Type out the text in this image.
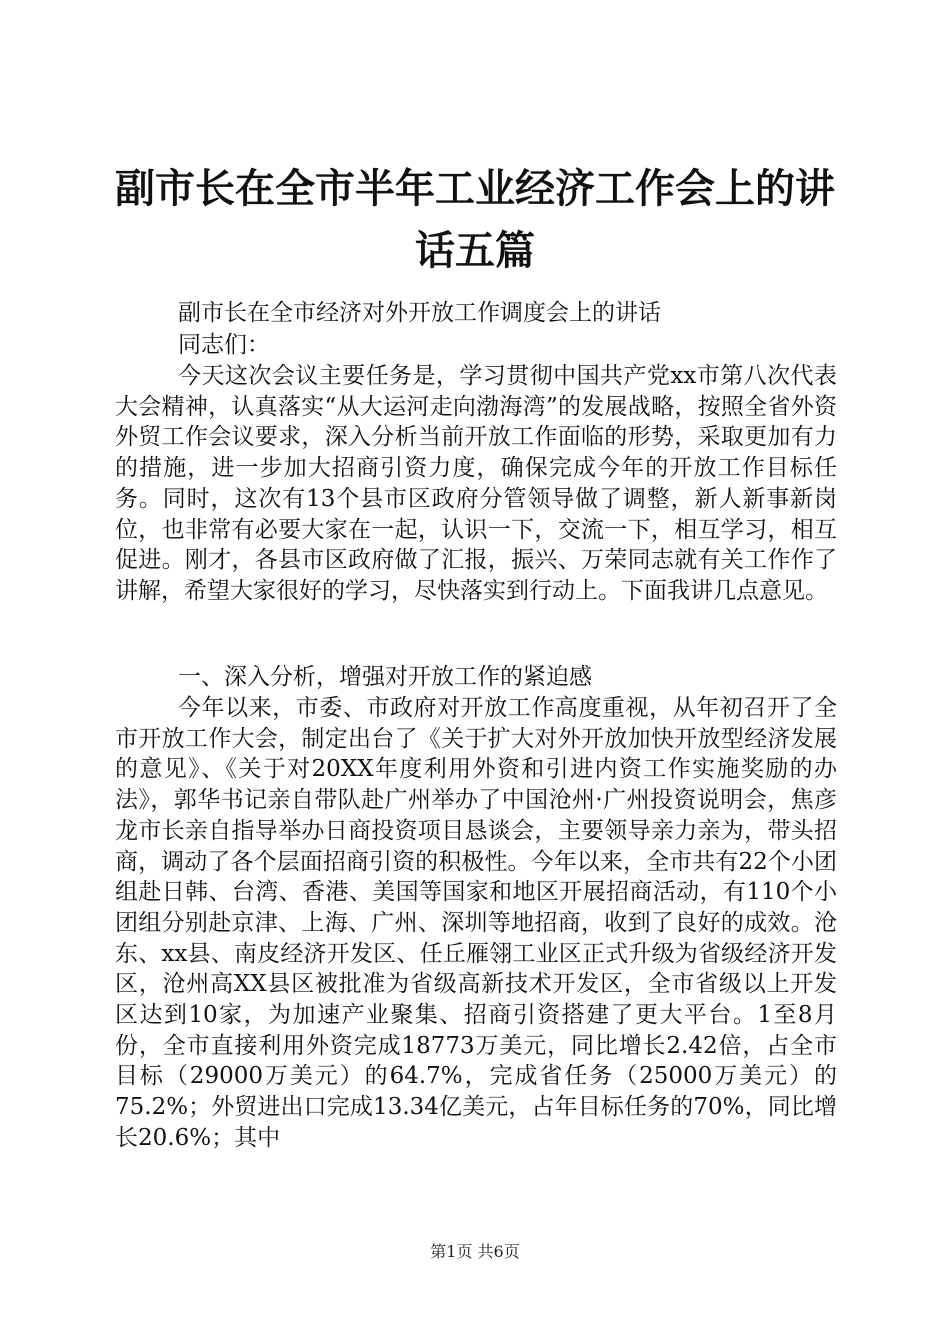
副市长在全市半年工业经济工作会上的讲话五篇

副市长在全市经济对外开放工作调度会上的讲话

同志们：

今天这次会议主要任务是，学习贯彻中国共产党xx市第八次代表大会精神，认真落实“从大运河走向渤海湾”的发展战略，按照全省外资外贸工作会议要求，深入分析当前开放工作面临的形势，采取更加有力的措施，进一步加大招商引资力度，确保完成今年的开放工作目标任务。同时，这次有13个县市区政府分管领导做了调整，新人新事新岗位，也非常有必要大家在一起，认识一下，交流一下，相互学习，相互促进。刚才，各县市区政府做了汇报，振兴、万荣同志就有关工作作了讲解，希望大家很好的学习，尽快落实到行动上。下面我讲几点意见。

一、深入分析，增强对开放工作的紧迫感

今年以来，市委、市政府对开放工作高度重视，从年初召开了全市开放工作大会，制定出台了《关于扩大对外开放加快开放型经济发展的意见》、《关于对20XX年度利用外资和引进内资工作实施奖励的办法》，郭华书记亲自带队赴广州举办了中国沧州·广州投资说明会，焦彦龙市长亲自指导举办日商投资项目恳谈会，主要领导亲力亲为，带头招商，调动了各个层面招商引资的积极性。今年以来，全市共有22个小团组赴日韩、台湾、香港、美国等国家和地区开展招商活动，有110个小团组分别赴京津、上海、广州、深圳等地招商，收到了良好的成效。沧东、xx县、南皮经济开发区、任丘雁翎工业区正式升级为省级经济开发区，沧州高XX县区被批准为省级高新技术开发区，全市省级以上开发区达到10家，为加速产业聚集、招商引资搭建了更大平台。1至8月份，全市直接利用外资完成18773万美元，同比增长2.42倍，占全市目标（29000万美元）的64.7%，完成省任务（25000万美元）的75.2%；外贸进出口完成13.34亿美元，占年目标任务的70%，同比增长20.6%；其中

第1页 共6页
